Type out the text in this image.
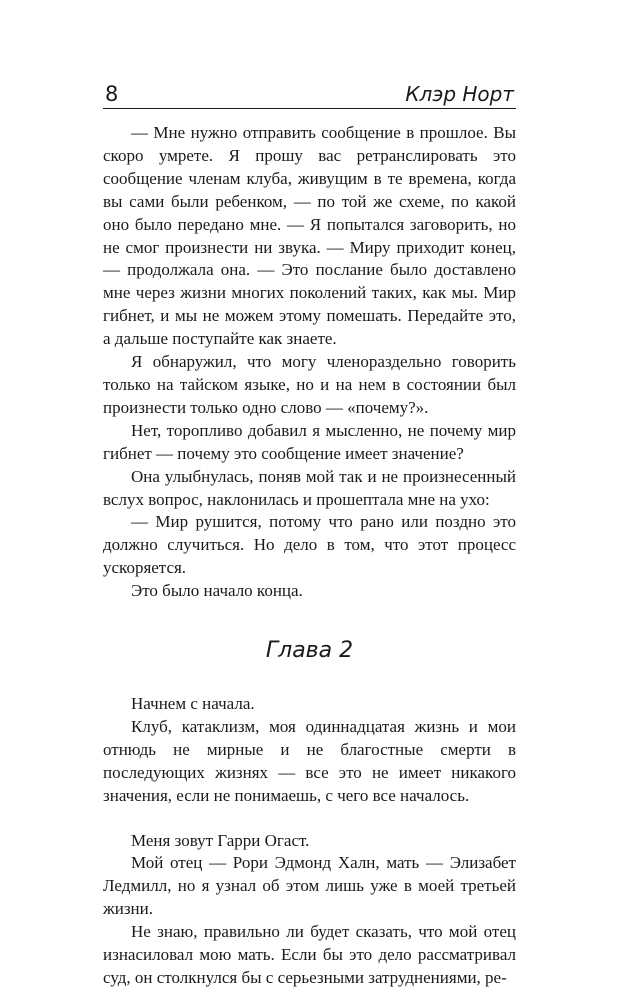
8	Клэр Норт

— Мне нужно отправить сообщение в прошлое. Вы скоро умрете. Я прошу вас ретранслировать это сообщение членам клуба, живущим в те времена, когда вы сами были ребенком, — по той же схеме, по какой оно было передано мне. — Я попытался заговорить, но не смог произнести ни звука. — Миру приходит конец, — продолжала она. — Это послание было доставлено мне через жизни многих поколений таких, как мы. Мир гибнет, и мы не можем этому помешать. Передайте это, а дальше поступайте как знаете.

Я обнаружил, что могу членораздельно говорить только на тайском языке, но и на нем в состоянии был произнести только одно слово — «почему?».

Нет, торопливо добавил я мысленно, не почему мир гибнет — почему это сообщение имеет значение?

Она улыбнулась, поняв мой так и не произнесенный вслух вопрос, наклонилась и прошептала мне на ухо:

— Мир рушится, потому что рано или поздно это должно случиться. Но дело в том, что этот процесс ускоряется.

Это было начало конца.

Глава 2

Начнем с начала.

Клуб, катаклизм, моя одиннадцатая жизнь и мои отнюдь не мирные и не благостные смерти в последующих жизнях — все это не имеет никакого значения, если не понимаешь, с чего все началось.

Меня зовут Гарри Огаст.

Мой отец — Рори Эдмонд Халн, мать — Элизабет Ледмилл, но я узнал об этом лишь уже в моей третьей жизни.

Не знаю, правильно ли будет сказать, что мой отец изнасиловал мою мать. Если бы это дело рассматривал суд, он столкнулся бы с серьезными затруднениями, ре-
